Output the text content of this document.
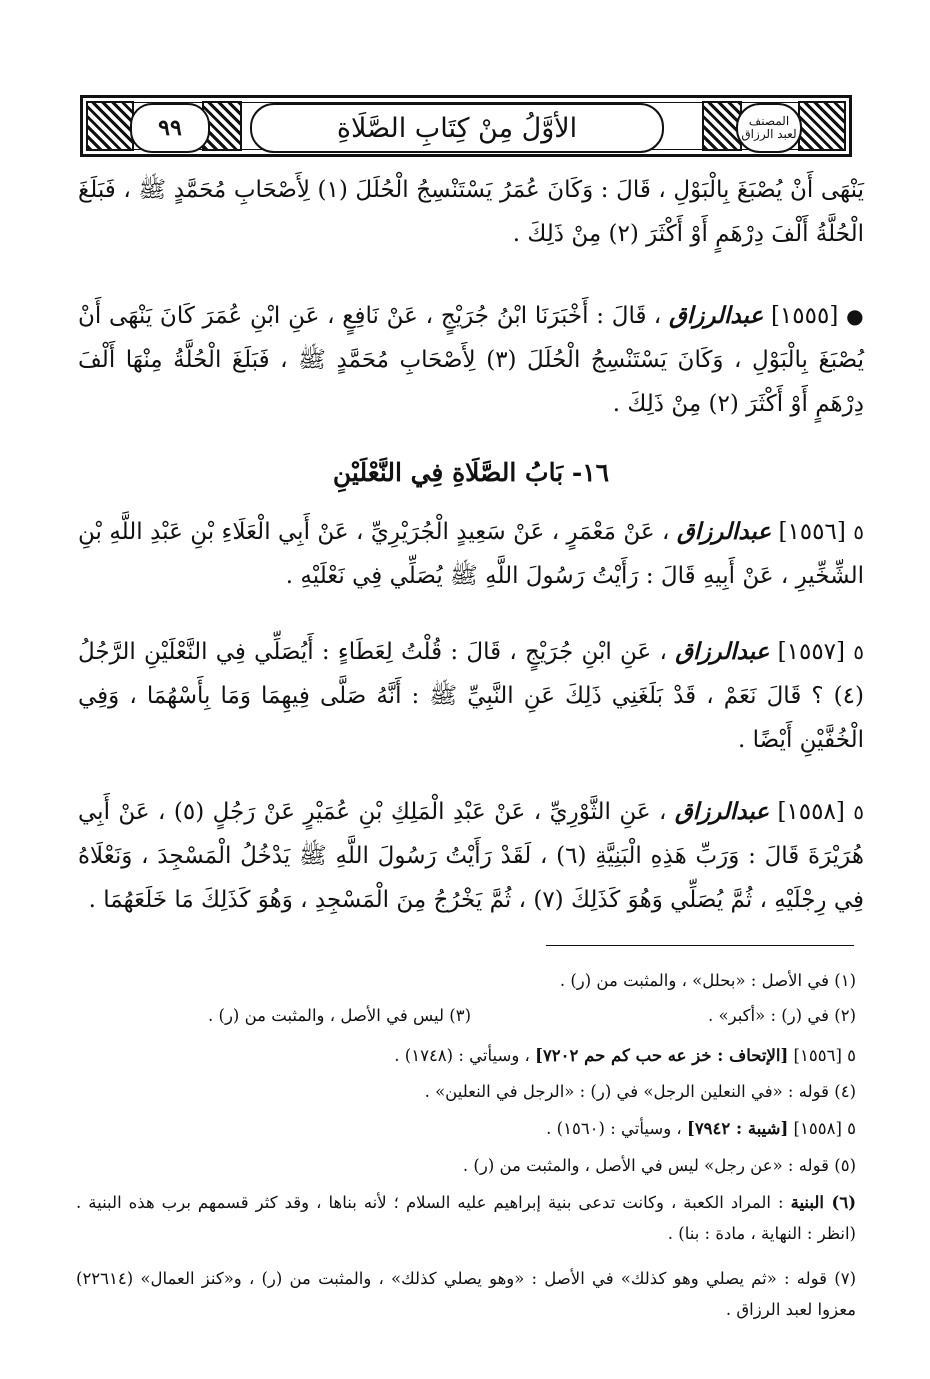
٩٩	الأوَّلُ مِنْ كِتَابِ الصَّلَاةِ	المصنف لعبد الرزاق
يَنْهَى أَنْ يُصْبَغَ بِالْبَوْلِ ، قَالَ : وَكَانَ عُمَرُ يَسْتَنْسِجُ الْحُلَلَ (١) لِأَصْحَابِ مُحَمَّدٍ ﷺ ، فَبَلَغَ الْحُلَّةُ أَلْفَ دِرْهَمٍ أَوْ أَكْثَرَ (٢) مِنْ ذَلِكَ .
● [١٥٥٥] عبدالرزاق ، قَالَ : أَخْبَرَنَا ابْنُ جُرَيْجٍ ، عَنْ نَافِعٍ ، عَنِ ابْنِ عُمَرَ كَانَ يَنْهَى أَنْ يُصْبَغَ بِالْبَوْلِ ، وَكَانَ يَسْتَنْسِجُ الْحُلَلَ (٣) لِأَصْحَابِ مُحَمَّدٍ ﷺ ، فَبَلَغَ الْحُلَّةُ مِنْهَا أَلْفَ دِرْهَمٍ أَوْ أَكْثَرَ (٢) مِنْ ذَلِكَ .
١٦- بَابُ الصَّلَاةِ فِي النَّعْلَيْنِ
٥ [١٥٥٦] عبدالرزاق ، عَنْ مَعْمَرٍ ، عَنْ سَعِيدٍ الْجُرَيْرِيِّ ، عَنْ أَبِي الْعَلَاءِ بْنِ عَبْدِ اللَّهِ بْنِ الشِّخِّيرِ ، عَنْ أَبِيهِ قَالَ : رَأَيْتُ رَسُولَ اللَّهِ ﷺ يُصَلِّي فِي نَعْلَيْهِ .
٥ [١٥٥٧] عبدالرزاق ، عَنِ ابْنِ جُرَيْجٍ ، قَالَ : قُلْتُ لِعَطَاءٍ : أَيُصَلِّي فِي النَّعْلَيْنِ الرَّجُلُ (٤) ؟ قَالَ نَعَمْ ، قَدْ بَلَغَنِي ذَلِكَ عَنِ النَّبِيِّ ﷺ : أَنَّهُ صَلَّى فِيهِمَا وَمَا بِأَسْهُمَا ، وَفِي الْخُفَّيْنِ أَيْضًا .
٥ [١٥٥٨] عبدالرزاق ، عَنِ الثَّوْرِيِّ ، عَنْ عَبْدِ الْمَلِكِ بْنِ عُمَيْرٍ عَنْ رَجُلٍ (٥) ، عَنْ أَبِي هُرَيْرَةَ قَالَ : وَرَبِّ هَذِهِ الْبَنِيَّةِ (٦) ، لَقَدْ رَأَيْتُ رَسُولَ اللَّهِ ﷺ يَدْخُلُ الْمَسْجِدَ ، وَنَعْلَاهُ فِي رِجْلَيْهِ ، ثُمَّ يُصَلِّي وَهُوَ كَذَلِكَ (٧) ، ثُمَّ يَخْرُجُ مِنَ الْمَسْجِدِ ، وَهُوَ كَذَلِكَ مَا خَلَعَهُمَا .
(١) في الأصل : «بحلل» ، والمثبت من (ر) .
(٢) في (ر) : «أكبر» .
(٣) ليس في الأصل ، والمثبت من (ر) .
٥ [١٥٥٦] [الإتحاف : خز عه حب كم حم ٧٢٠٢] ، وسيأتي : (١٧٤٨) .
(٤) قوله : «في النعلين الرجل» في (ر) : «الرجل في النعلين» .
٥ [١٥٥٨] [شيبة : ٧٩٤٢] ، وسيأتي : (١٥٦٠) .
(٥) قوله : «عن رجل» ليس في الأصل ، والمثبت من (ر) .
(٦) البنية : المراد الكعبة ، وكانت تدعى بنية إبراهيم عليه السلام ؛ لأنه بناها ، وقد كثر قسمهم برب هذه البنية . (انظر : النهاية ، مادة : بنا) .
(٧) قوله : «ثم يصلي وهو كذلك» في الأصل : «وهو يصلي كذلك» ، والمثبت من (ر) ، و«كنز العمال» (٢٢٦١٤) معزوا لعبد الرزاق .
